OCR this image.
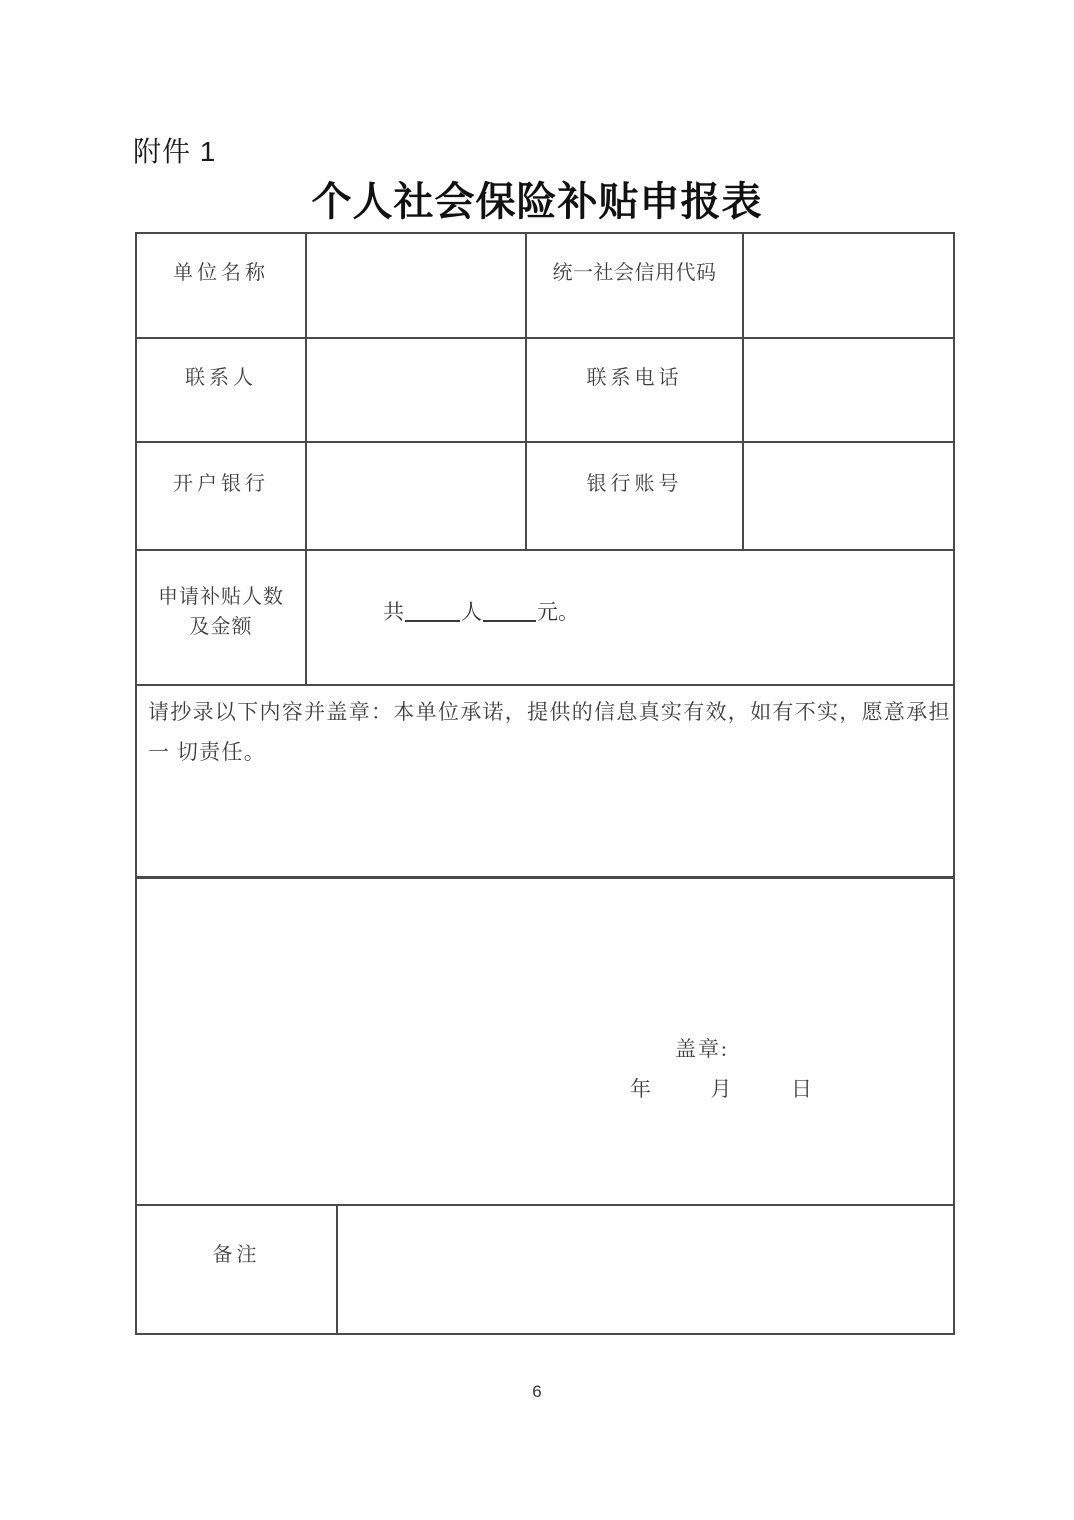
附件 1
个人社会保险补贴申报表
单位名称	统一社会信用代码
联系人	联系电话
开户银行	银行账号
申请补贴人数
及金额
共	人	元。
请抄录以下内容并盖章：本单位承诺，提供的信息真实有效，如有不实，愿意承担
一 切责任。
盖章:
年	月	日
备注
6
